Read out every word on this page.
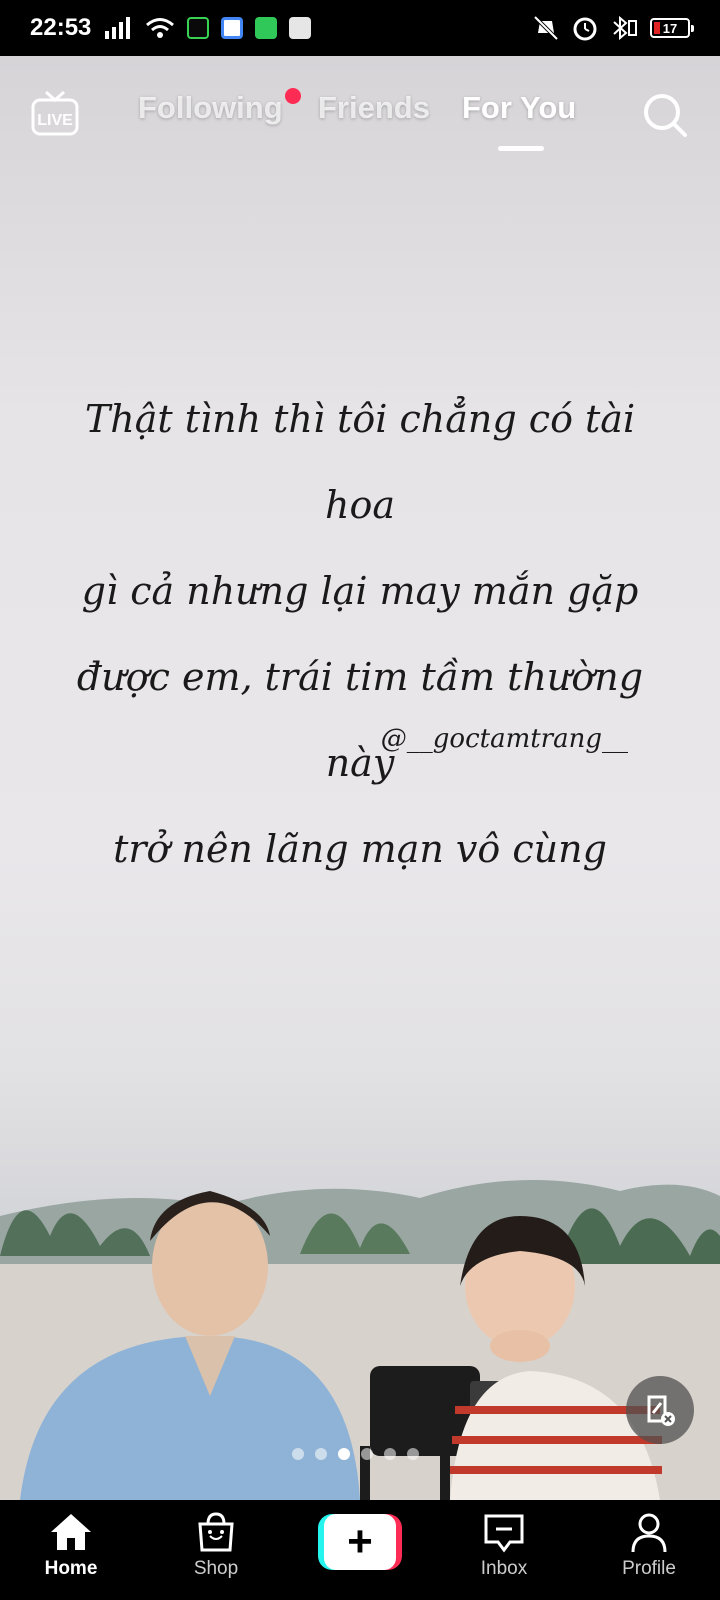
22:53	17
Thật tình thì tôi chẳng có tài hoa
gì cả nhưng lại may mắn gặp
được em, trái tim tầm thường này
trở nên lãng mạn vô cùng
@__goctamtrang__
LIVE Following Friends For You
Home	Shop
+
Inbox	Profile
